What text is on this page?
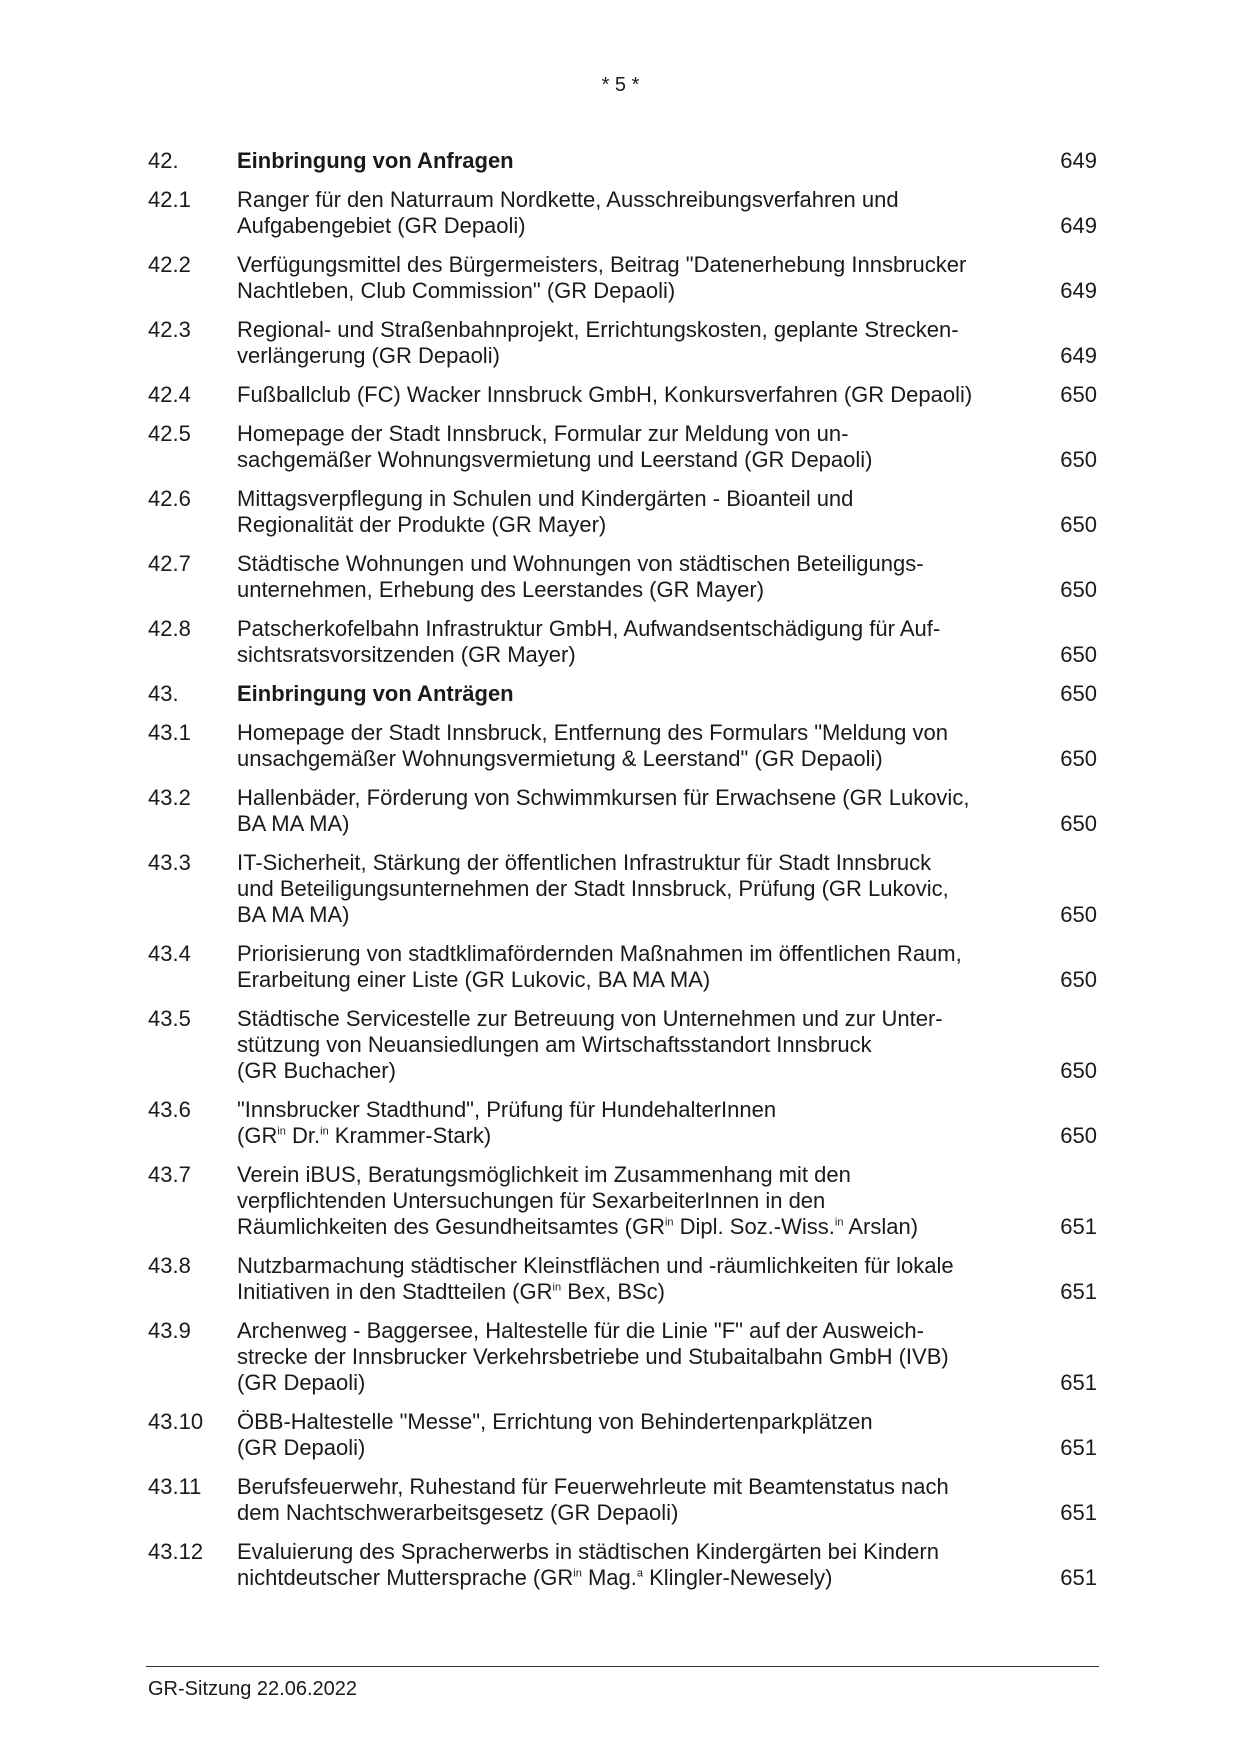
* 5 *
42.	Einbringung von Anfragen	649
42.1	Ranger für den Naturraum Nordkette, Ausschreibungsverfahren und
Aufgabengebiet (GR Depaoli)	649
42.2	Verfügungsmittel des Bürgermeisters, Beitrag "Datenerhebung Innsbrucker
Nachtleben, Club Commission" (GR Depaoli)	649
42.3	Regional- und Straßenbahnprojekt, Errichtungskosten, geplante Strecken-
verlängerung (GR Depaoli)	649
42.4	Fußballclub (FC) Wacker Innsbruck GmbH, Konkursverfahren (GR Depaoli)	650
42.5	Homepage der Stadt Innsbruck, Formular zur Meldung von un-
sachgemäßer Wohnungsvermietung und Leerstand (GR Depaoli)	650
42.6	Mittagsverpflegung in Schulen und Kindergärten - Bioanteil und
Regionalität der Produkte (GR Mayer)	650
42.7	Städtische Wohnungen und Wohnungen von städtischen Beteiligungs-
unternehmen, Erhebung des Leerstandes (GR Mayer)	650
42.8	Patscherkofelbahn Infrastruktur GmbH, Aufwandsentschädigung für Auf-
sichtsratsvorsitzenden (GR Mayer)	650
43.	Einbringung von Anträgen	650
43.1	Homepage der Stadt Innsbruck, Entfernung des Formulars "Meldung von
unsachgemäßer Wohnungsvermietung & Leerstand" (GR Depaoli)	650
43.2	Hallenbäder, Förderung von Schwimmkursen für Erwachsene (GR Lukovic,
BA MA MA)	650
43.3	IT-Sicherheit, Stärkung der öffentlichen Infrastruktur für Stadt Innsbruck
und Beteiligungsunternehmen der Stadt Innsbruck, Prüfung (GR Lukovic,
BA MA MA)	650
43.4	Priorisierung von stadtklimafördernden Maßnahmen im öffentlichen Raum,
Erarbeitung einer Liste (GR Lukovic, BA MA MA)	650
43.5	Städtische Servicestelle zur Betreuung von Unternehmen und zur Unter-
stützung von Neuansiedlungen am Wirtschaftsstandort Innsbruck
(GR Buchacher)	650
43.6	"Innsbrucker Stadthund", Prüfung für HundehalterInnen
($GR^{in}$ Dr.$^{in}$ Krammer-Stark)	650
43.7	Verein iBUS, Beratungsmöglichkeit im Zusammenhang mit den
verpflichtenden Untersuchungen für SexarbeiterInnen in den
Räumlichkeiten des Gesundheitsamtes ($GR^{in}$ Dipl. Soz.-Wiss.$^{in}$ Arslan)	651
43.8	Nutzbarmachung städtischer Kleinstflächen und -räumlichkeiten für lokale
Initiativen in den Stadtteilen ($GR^{in}$ Bex, BSc)	651
43.9	Archenweg - Baggersee, Haltestelle für die Linie "F" auf der Ausweich-
strecke der Innsbrucker Verkehrsbetriebe und Stubaitalbahn GmbH (IVB)
(GR Depaoli)	651
43.10	ÖBB-Haltestelle "Messe", Errichtung von Behindertenparkplätzen
(GR Depaoli)	651
43.11	Berufsfeuerwehr, Ruhestand für Feuerwehrleute mit Beamtenstatus nach
dem Nachtschwerarbeitsgesetz (GR Depaoli)	651
43.12	Evaluierung des Spracherwerbs in städtischen Kindergärten bei Kindern
nichtdeutscher Muttersprache ($GR^{in}$ Mag.$^a$ Klingler-Newesely)	651
GR-Sitzung 22.06.2022
